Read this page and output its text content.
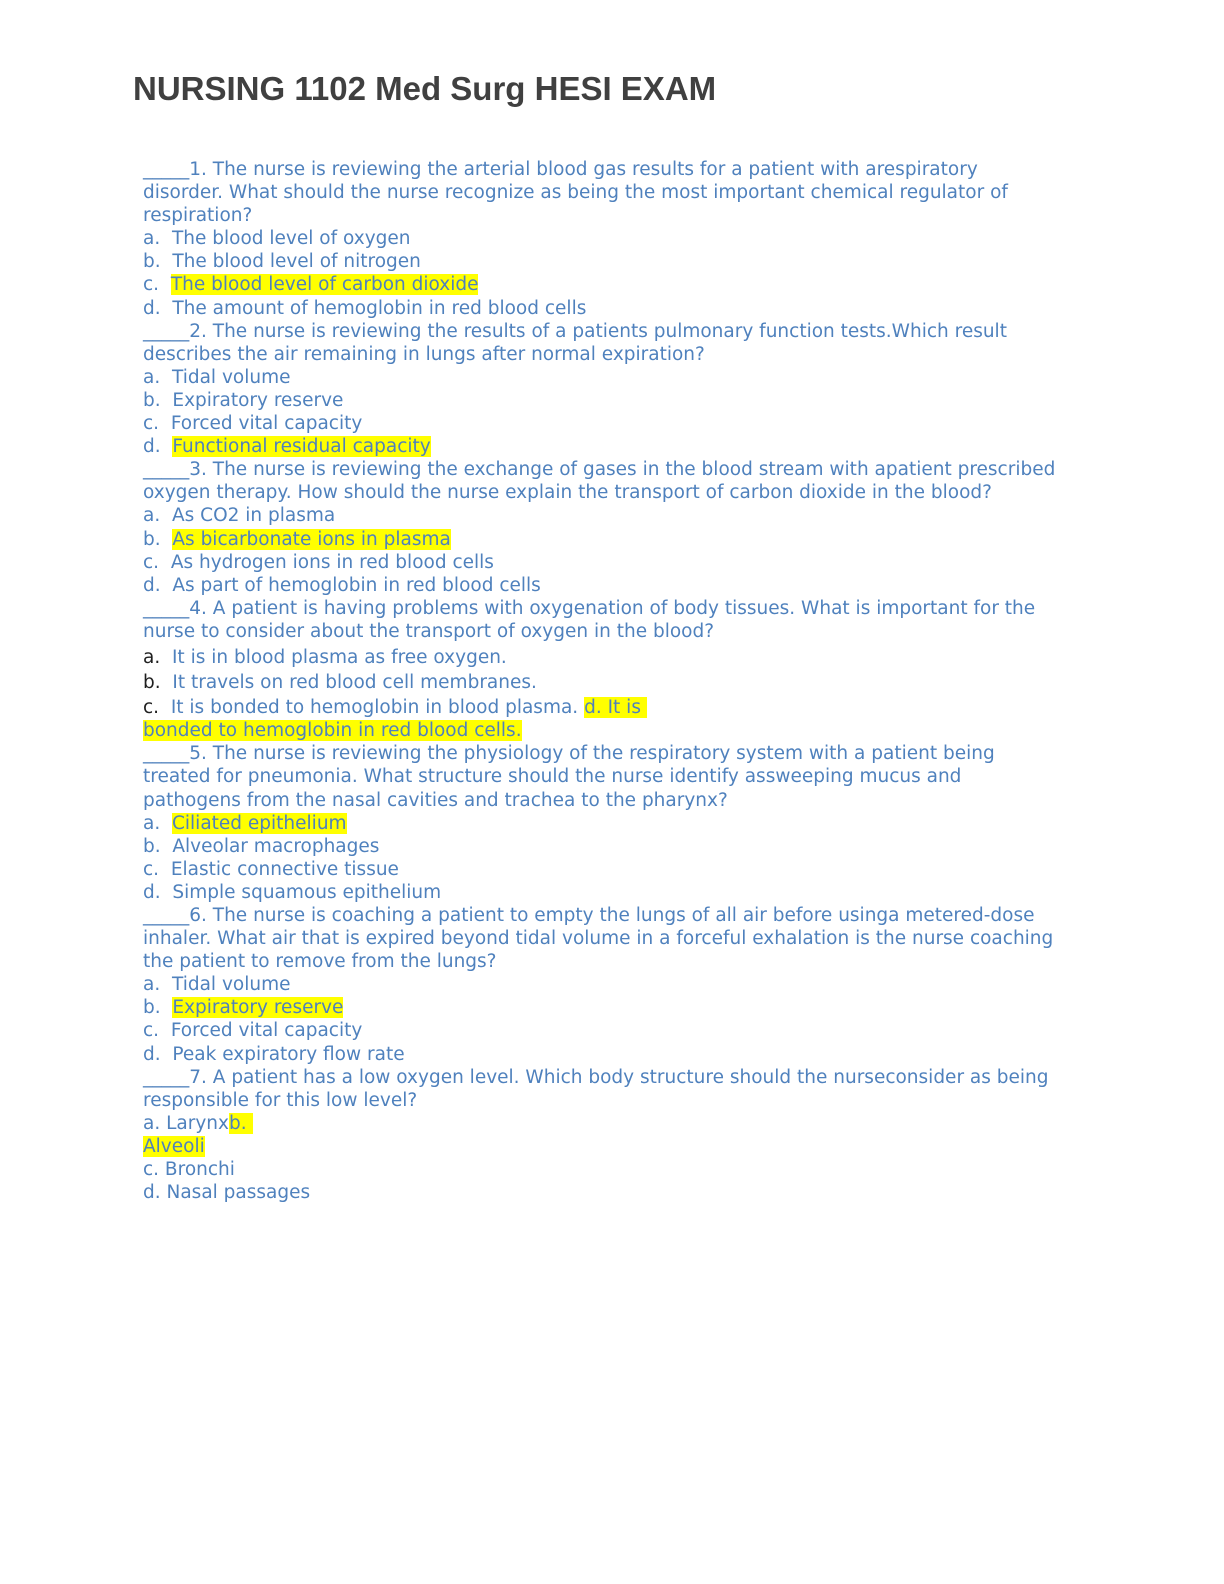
NURSING 1102 Med Surg HESI EXAM

_____1. The nurse is reviewing the arterial blood gas results for a patient with arespiratory disorder. What should the nurse recognize as being the most important chemical regulator of respiration?

a.  The blood level of oxygen

b.  The blood level of nitrogen

c.  The blood level of carbon dioxide

d.  The amount of hemoglobin in red blood cells

_____2. The nurse is reviewing the results of a patients pulmonary function tests.Which result describes the air remaining in lungs after normal expiration?

a.  Tidal volume

b.  Expiratory reserve

c.  Forced vital capacity

d.  Functional residual capacity

_____3. The nurse is reviewing the exchange of gases in the blood stream with apatient prescribed oxygen therapy. How should the nurse explain the transport of carbon dioxide in the blood?

a.  As CO2 in plasma

b.  As bicarbonate ions in plasma

c.  As hydrogen ions in red blood cells

d.  As part of hemoglobin in red blood cells

_____4. A patient is having problems with oxygenation of body tissues. What is important for the nurse to consider about the transport of oxygen in the blood?

a.  It is in blood plasma as free oxygen.

b.  It travels on red blood cell membranes.

c.  It is bonded to hemoglobin in blood plasma. d. It is

bonded to hemoglobin in red blood cells.

_____5. The nurse is reviewing the physiology of the respiratory system with a patient being treated for pneumonia. What structure should the nurse identify assweeping mucus and pathogens from the nasal cavities and trachea to the pharynx?

a.  Ciliated epithelium

b.  Alveolar macrophages

c.  Elastic connective tissue

d.  Simple squamous epithelium

_____6. The nurse is coaching a patient to empty the lungs of all air before usinga metered-dose inhaler. What air that is expired beyond tidal volume in a forceful exhalation is the nurse coaching the patient to remove from the lungs?

a.  Tidal volume

b.  Expiratory reserve

c.  Forced vital capacity

d.  Peak expiratory flow rate

_____7. A patient has a low oxygen level. Which body structure should the nurseconsider as being responsible for this low level?

a. Larynxb.

Alveoli

c. Bronchi

d. Nasal passages
